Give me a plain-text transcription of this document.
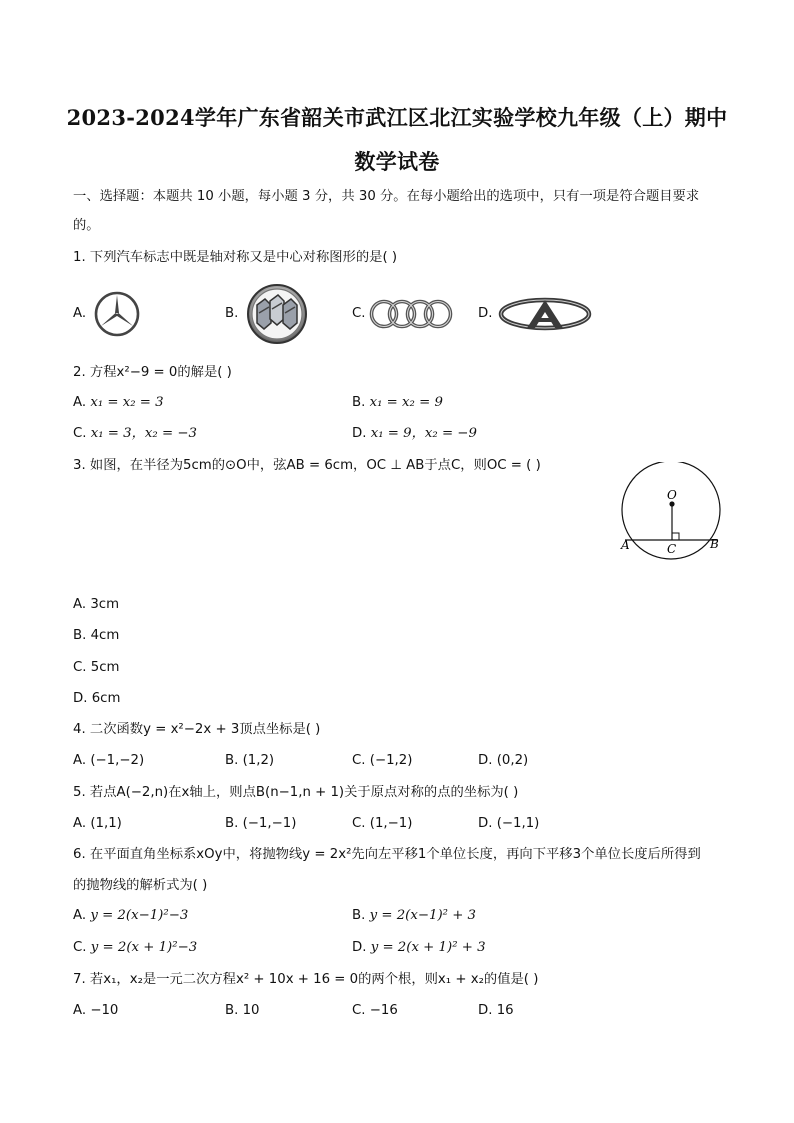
2023-2024学年广东省韶关市武江区北江实验学校九年级（上）期中
数学试卷
一、选择题：本题共 10 小题，每小题 3 分，共 30 分。在每小题给出的选项中，只有一项是符合题目要求
的。
1. 下列汽车标志中既是轴对称又是中心对称图形的是( )
A.	B.	C.	D.
2. 方程x²−9 = 0的解是( )
A. x₁ = x₂ = 3	B. x₁ = x₂ = 9
C. x₁ = 3，x₂ = −3	D. x₁ = 9，x₂ = −9
3. 如图，在半径为5cm的⊙O中，弦AB = 6cm，OC ⊥ AB于点C，则OC = ( )
O
A	B
C
A. 3cm
B. 4cm
C. 5cm
D. 6cm
4. 二次函数y = x²−2x + 3顶点坐标是( )
A. (−1,−2)	B. (1,2)	C. (−1,2)	D. (0,2)
5. 若点A(−2,n)在x轴上，则点B(n−1,n + 1)关于原点对称的点的坐标为( )
A. (1,1)	B. (−1,−1)	C. (1,−1)	D. (−1,1)
6. 在平面直角坐标系xOy中，将抛物线y = 2x²先向左平移1个单位长度，再向下平移3个单位长度后所得到
的抛物线的解析式为( )
A. y = 2(x−1)²−3	B. y = 2(x−1)² + 3
C. y = 2(x + 1)²−3	D. y = 2(x + 1)² + 3
7. 若x₁，x₂是一元二次方程x² + 10x + 16 = 0的两个根，则x₁ + x₂的值是( )
A. −10	B. 10	C. −16	D. 16
